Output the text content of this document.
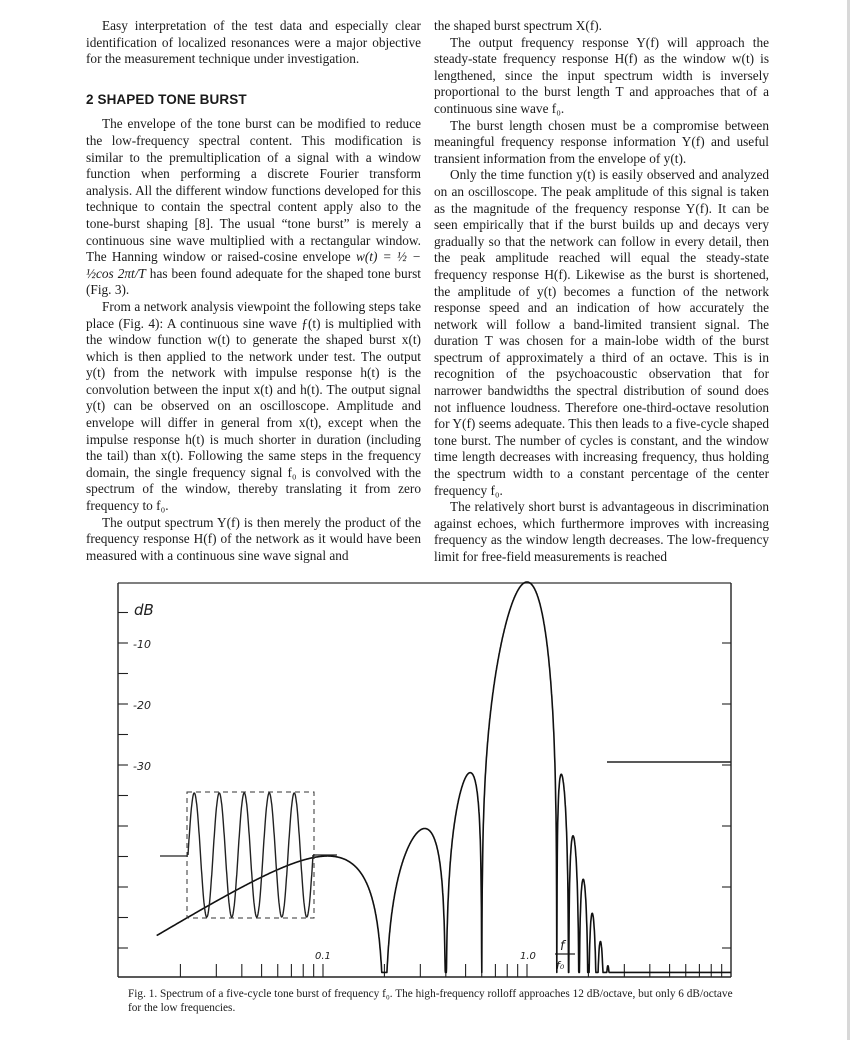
Easy interpretation of the test data and especially clear identification of localized resonances were a major objective for the measurement technique under investigation.

2 SHAPED TONE BURST

The envelope of the tone burst can be modified to reduce the low-frequency spectral content. This modification is similar to the premultiplication of a signal with a window function when performing a discrete Fourier transform analysis. All the different window functions developed for this technique to contain the spectral content apply also to the tone-burst shaping [8]. The usual “tone burst” is merely a continuous sine wave multiplied with a rectangular window. The Hanning window or raised-cosine envelope w(t) = ½ − ½cos 2πt/T has been found adequate for the shaped tone burst (Fig. 3).

From a network analysis viewpoint the following steps take place (Fig. 4): A continuous sine wave ƒ(t) is multiplied with the window function w(t) to generate the shaped burst x(t) which is then applied to the network under test. The output y(t) from the network with impulse response h(t) is the convolution between the input x(t) and h(t). The output signal y(t) can be observed on an oscilloscope. Amplitude and envelope will differ in general from x(t), except when the impulse response h(t) is much shorter in duration (including the tail) than x(t). Following the same steps in the frequency domain, the single frequency signal f₀ is convolved with the spectrum of the window, thereby translating it from zero frequency to f₀.

The output spectrum Y(f) is then merely the product of the frequency response H(f) of the network as it would have been measured with a continuous sine wave signal and

the shaped burst spectrum X(f).

The output frequency response Y(f) will approach the steady-state frequency response H(f) as the window w(t) is lengthened, since the input spectrum width is inversely proportional to the burst length T and approaches that of a continuous sine wave f₀.

The burst length chosen must be a compromise between meaningful frequency response information Y(f) and useful transient information from the envelope of y(t).

Only the time function y(t) is easily observed and analyzed on an oscilloscope. The peak amplitude of this signal is taken as the magnitude of the frequency response Y(f). It can be seen empirically that if the burst builds up and decays very gradually so that the network can follow in every detail, then the peak amplitude reached will equal the steady-state frequency response H(f). Likewise as the burst is shortened, the amplitude of y(t) becomes a function of the network response speed and an indication of how accurately the network will follow a band-limited transient signal. The duration T was chosen for a main-lobe width of the burst spectrum of approximately a third of an octave. This is in recognition of the psychoacoustic observation that for narrower bandwidths the spectral distribution of sound does not influence loudness. Therefore one-third-octave resolution for Y(f) seems adequate. This then leads to a five-cycle shaped tone burst. The number of cycles is constant, and the window time length decreases with increasing frequency, thus holding the spectrum width to a constant percentage of the center frequency f₀.

The relatively short burst is advantageous in discrimination against echoes, which furthermore improves with increasing frequency as the window length decreases. The low-frequency limit for free-field measurements is reached

dB
-10
-20
-30
0.1	1.0
f
f₀
Fig. 1. Spectrum of a five-cycle tone burst of frequency f₀. The high-frequency rolloff approaches 12 dB/octave, but only 6 dB/octave for the low frequencies.
